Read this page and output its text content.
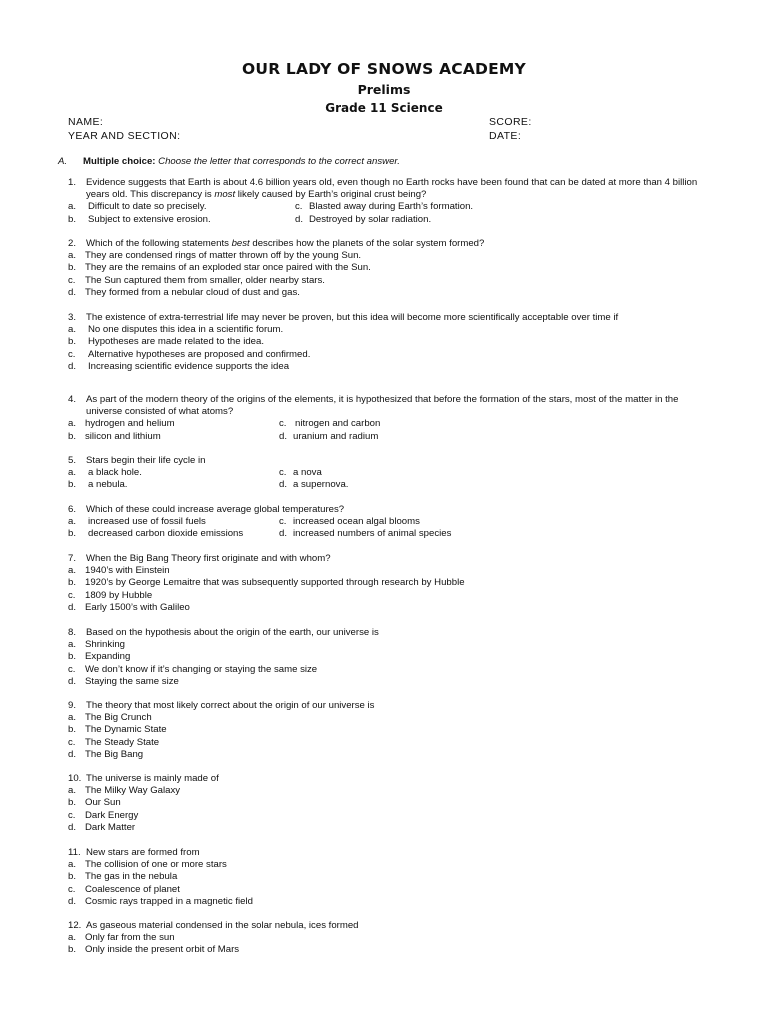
OUR LADY OF SNOWS ACADEMY
Prelims
Grade 11 Science
NAME:	SCORE:
YEAR AND SECTION:	DATE:
A. Multiple choice: Choose the letter that corresponds to the correct answer.
1.	Evidence suggests that Earth is about 4.6 billion years old, even though no Earth rocks have been found that can be dated at more than 4 billion years old. This discrepancy is most likely caused by Earth’s original crust being?
a.	Difficult to date so precisely.	c. Blasted away during Earth’s formation.
b.	Subject to extensive erosion.	d. Destroyed by solar radiation.
2.	Which of the following statements best describes how the planets of the solar system formed?
a. They are condensed rings of matter thrown off by the young Sun.
b. They are the remains of an exploded star once paired with the Sun.
c. The Sun captured them from smaller, older nearby stars.
d. They formed from a nebular cloud of dust and gas.
3.	The existence of extra-terrestrial life may never be proven, but this idea will become more scientifically acceptable over time if
a.	No one disputes this idea in a scientific forum.
b.	Hypotheses are made related to the idea.
c.	Alternative hypotheses are proposed and confirmed.
d.	Increasing scientific evidence supports the idea
4.	As part of the modern theory of the origins of the elements, it is hypothesized that before the formation of the stars, most of the matter in the universe consisted of what atoms?
a. hydrogen and helium	c. nitrogen and carbon
b. silicon and lithium	d. uranium and radium
5.	Stars begin their life cycle in
a.	a black hole.	c. a nova
b.	a nebula.	d. a supernova.
6.	Which of these could increase average global temperatures?
a.	increased use of fossil fuels	c. increased ocean algal blooms
b.	decreased carbon dioxide emissions	d. increased numbers of animal species
7.	When the Big Bang Theory first originate and with whom?
a. 1940’s with Einstein
b. 1920’s by George Lemaitre that was subsequently supported through research by Hubble
c. 1809 by Hubble
d. Early 1500’s with Galileo
8.	Based on the hypothesis about the origin of the earth, our universe is
a. Shrinking
b. Expanding
c. We don’t know if it’s changing or staying the same size
d. Staying the same size
9.	The theory that most likely correct about the origin of our universe is
a. The Big Crunch
b. The Dynamic State
c. The Steady State
d. The Big Bang
10. The universe is mainly made of
a. The Milky Way Galaxy
b. Our Sun
c. Dark Energy
d. Dark Matter
11. New stars are formed from
a. The collision of one or more stars
b. The gas in the nebula
c. Coalescence of planet
d. Cosmic rays trapped in a magnetic field
12. As gaseous material condensed in the solar nebula, ices formed
a. Only far from the sun
b. Only inside the present orbit of Mars
